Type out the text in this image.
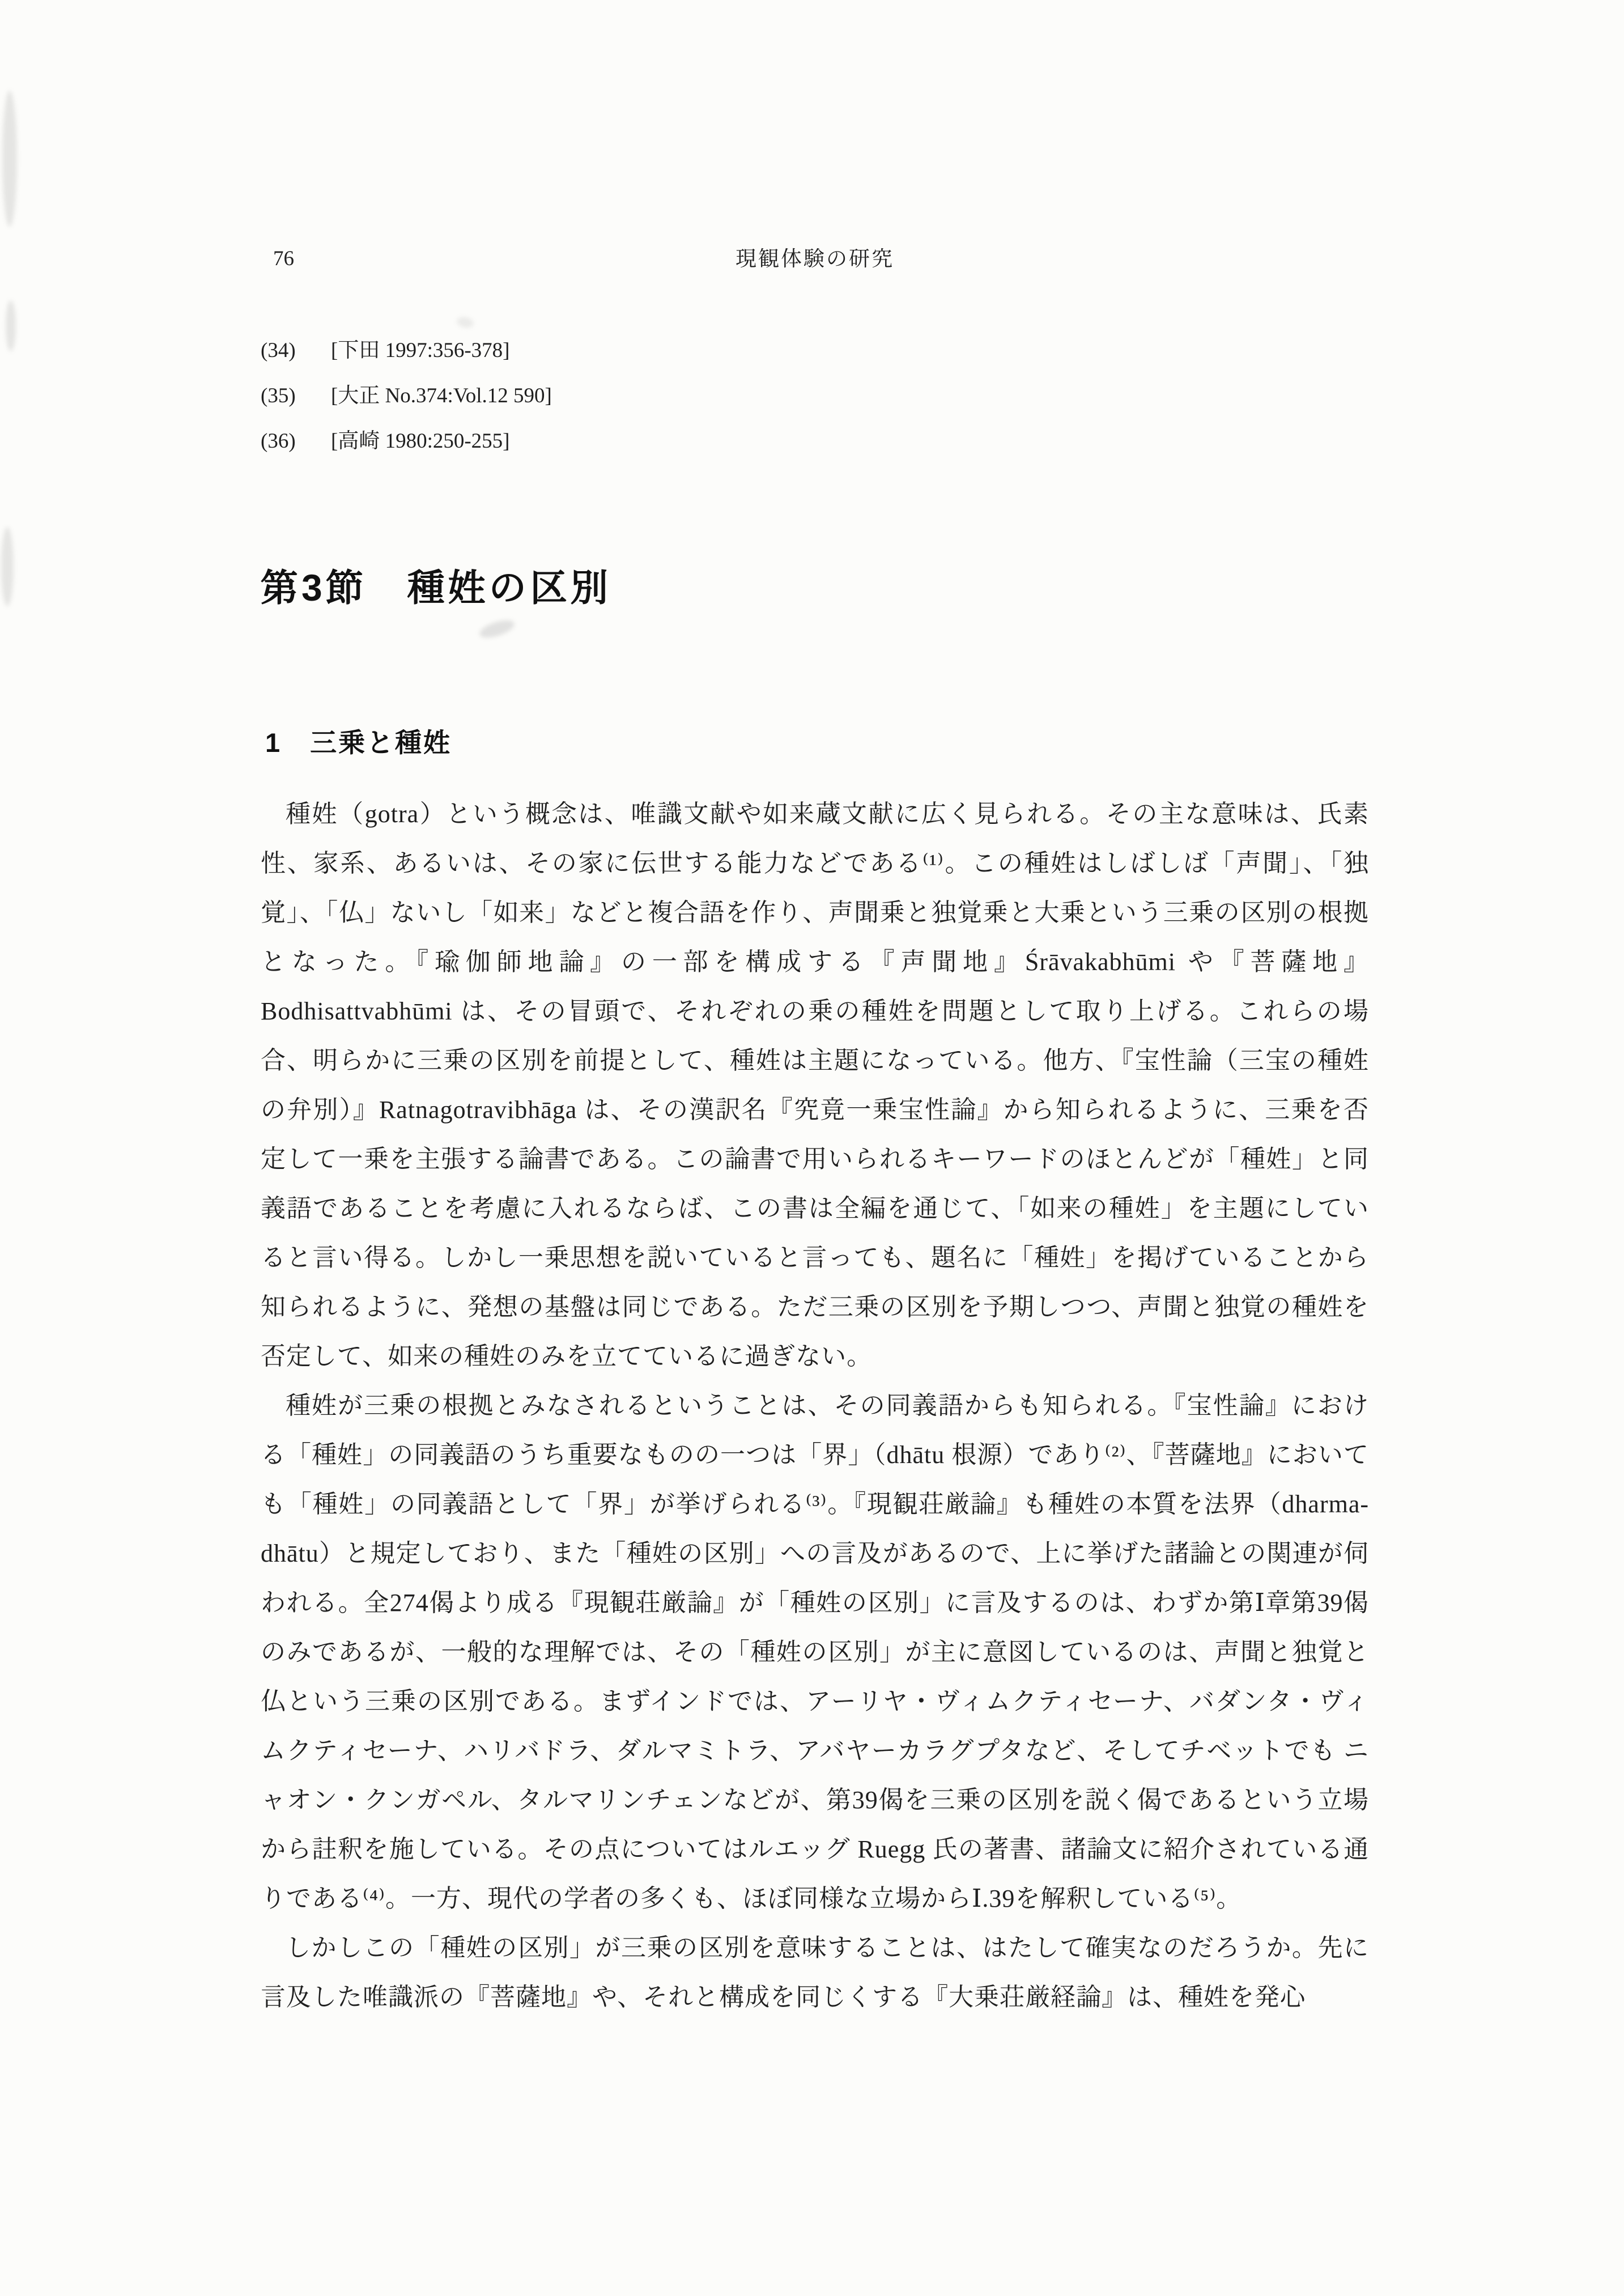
76	現観体験の研究
(34)	[下田 1997:356-378]
(35)	[大正 No.374:Vol.12 590]
(36)	[高崎 1980:250-255]
第3節　種姓の区別
1　三乗と種姓

種姓（gotra）という概念は、唯識文献や如来蔵文献に広く見られる。その主な意味は、氏素性、家系、あるいは、その家に伝世する能力などである⁽¹⁾。この種姓はしばしば「声聞」、「独覚」、「仏」ないし「如来」などと複合語を作り、声聞乗と独覚乗と大乗という三乗の区別の根拠となった。『瑜伽師地論』の一部を構成する『声聞地』Śrāvakabhūmi や『菩薩地』Bodhisattvabhūmi は、その冒頭で、それぞれの乗の種姓を問題として取り上げる。これらの場合、明らかに三乗の区別を前提として、種姓は主題になっている。他方、『宝性論（三宝の種姓の弁別）』Ratnagotravibhāga は、その漢訳名『究竟一乗宝性論』から知られるように、三乗を否定して一乗を主張する論書である。この論書で用いられるキーワードのほとんどが「種姓」と同義語であることを考慮に入れるならば、この書は全編を通じて、「如来の種姓」を主題にしていると言い得る。しかし一乗思想を説いていると言っても、題名に「種姓」を掲げていることから知られるように、発想の基盤は同じである。ただ三乗の区別を予期しつつ、声聞と独覚の種姓を否定して、如来の種姓のみを立てているに過ぎない。

種姓が三乗の根拠とみなされるということは、その同義語からも知られる。『宝性論』における「種姓」の同義語のうち重要なものの一つは「界」（dhātu 根源）であり⁽²⁾、『菩薩地』においても「種姓」の同義語として「界」が挙げられる⁽³⁾。『現観荘厳論』も種姓の本質を法界（dharma-dhātu）と規定しており、また「種姓の区別」への言及があるので、上に挙げた諸論との関連が伺われる。全274偈より成る『現観荘厳論』が「種姓の区別」に言及するのは、わずか第Ⅰ章第39偈のみであるが、一般的な理解では、その「種姓の区別」が主に意図しているのは、声聞と独覚と仏という三乗の区別である。まずインドでは、アーリヤ・ヴィムクティセーナ、バダンタ・ヴィムクティセーナ、ハリバドラ、ダルマミトラ、アバヤーカラグプタなど、そしてチベットでも ニャオン・クンガペル、タルマリンチェンなどが、第39偈を三乗の区別を説く偈であるという立場から註釈を施している。その点についてはルエッグ Ruegg 氏の著書、諸論文に紹介されている通りである⁽⁴⁾。一方、現代の学者の多くも、ほぼ同様な立場からⅠ.39を解釈している⁽⁵⁾。

しかしこの「種姓の区別」が三乗の区別を意味することは、はたして確実なのだろうか。先に言及した唯識派の『菩薩地』や、それと構成を同じくする『大乗荘厳経論』は、種姓を発心
